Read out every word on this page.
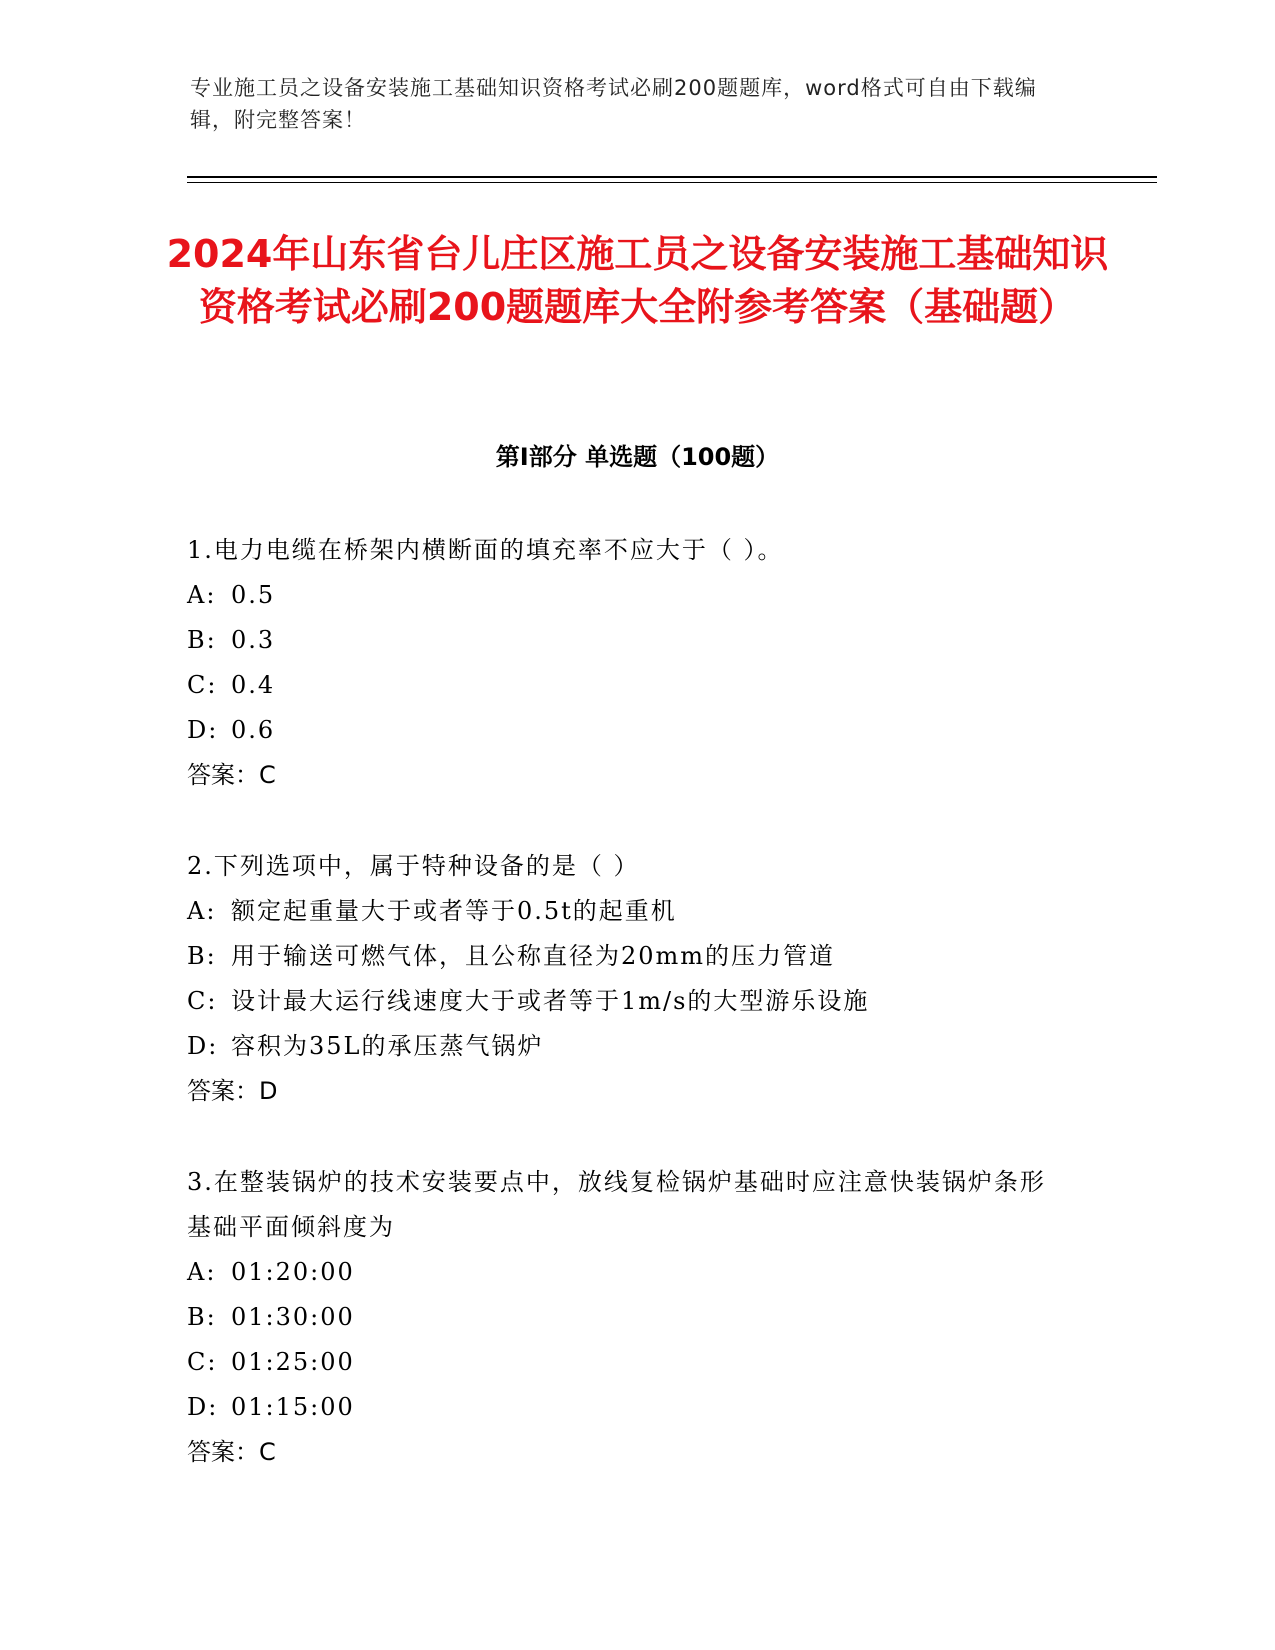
专业施工员之设备安装施工基础知识资格考试必刷200题题库，word格式可自由下载编辑，附完整答案！
2024年山东省台儿庄区施工员之设备安装施工基础知识资格考试必刷200题题库大全附参考答案（基础题）
第I部分 单选题（100题）

1.电力电缆在桥架内横断面的填充率不应大于（ ）。

A: 0.5

B: 0.3

C: 0.4

D: 0.6

答案：C

2.下列选项中，属于特种设备的是（ ）

A: 额定起重量大于或者等于0.5t的起重机

B: 用于输送可燃气体，且公称直径为20mm的压力管道

C: 设计最大运行线速度大于或者等于1m/s的大型游乐设施

D: 容积为35L的承压蒸气锅炉

答案：D

3.在整装锅炉的技术安装要点中，放线复检锅炉基础时应注意快装锅炉条形基础平面倾斜度为

A: 01:20:00

B: 01:30:00

C: 01:25:00

D: 01:15:00

答案：C
